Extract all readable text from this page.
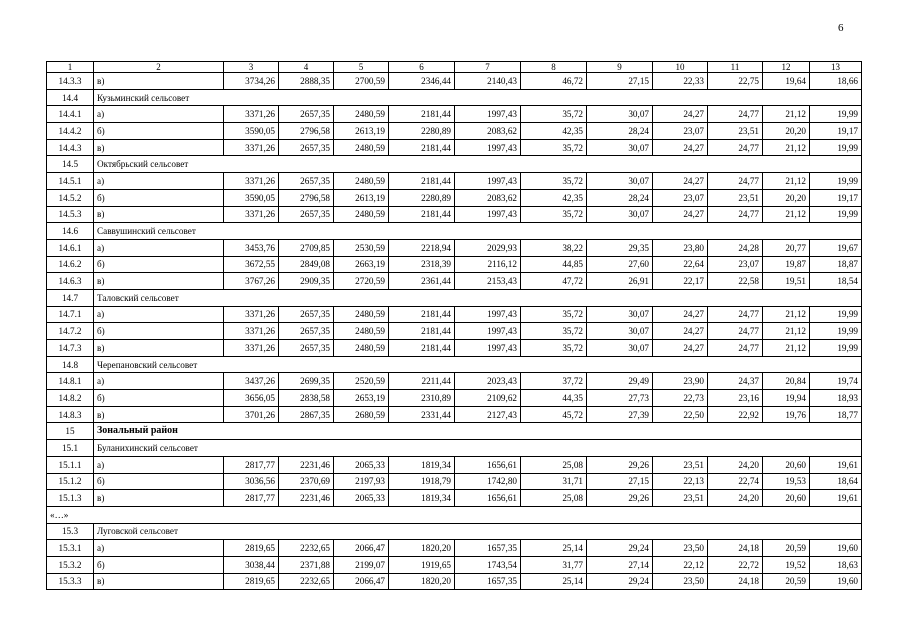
6
1	2	3	4	5	6	7	8	9	10	11	12	13
14.3.3	в)	3734,26	2888,35	2700,59	2346,44	2140,43	46,72	27,15	22,33	22,75	19,64	18,66
14.4	Кузьминский сельсовет											
14.4.1	а)	3371,26	2657,35	2480,59	2181,44	1997,43	35,72	30,07	24,27	24,77	21,12	19,99
14.4.2	б)	3590,05	2796,58	2613,19	2280,89	2083,62	42,35	28,24	23,07	23,51	20,20	19,17
14.4.3	в)	3371,26	2657,35	2480,59	2181,44	1997,43	35,72	30,07	24,27	24,77	21,12	19,99
14.5	Октябрьский сельсовет											
14.5.1	а)	3371,26	2657,35	2480,59	2181,44	1997,43	35,72	30,07	24,27	24,77	21,12	19,99
14.5.2	б)	3590,05	2796,58	2613,19	2280,89	2083,62	42,35	28,24	23,07	23,51	20,20	19,17
14.5.3	в)	3371,26	2657,35	2480,59	2181,44	1997,43	35,72	30,07	24,27	24,77	21,12	19,99
14.6	Саввушинский сельсовет											
14.6.1	а)	3453,76	2709,85	2530,59	2218,94	2029,93	38,22	29,35	23,80	24,28	20,77	19,67
14.6.2	б)	3672,55	2849,08	2663,19	2318,39	2116,12	44,85	27,60	22,64	23,07	19,87	18,87
14.6.3	в)	3767,26	2909,35	2720,59	2361,44	2153,43	47,72	26,91	22,17	22,58	19,51	18,54
14.7	Таловский сельсовет											
14.7.1	а)	3371,26	2657,35	2480,59	2181,44	1997,43	35,72	30,07	24,27	24,77	21,12	19,99
14.7.2	б)	3371,26	2657,35	2480,59	2181,44	1997,43	35,72	30,07	24,27	24,77	21,12	19,99
14.7.3	в)	3371,26	2657,35	2480,59	2181,44	1997,43	35,72	30,07	24,27	24,77	21,12	19,99
14.8	Черепановский сельсовет											
14.8.1	а)	3437,26	2699,35	2520,59	2211,44	2023,43	37,72	29,49	23,90	24,37	20,84	19,74
14.8.2	б)	3656,05	2838,58	2653,19	2310,89	2109,62	44,35	27,73	22,73	23,16	19,94	18,93
14.8.3	в)	3701,26	2867,35	2680,59	2331,44	2127,43	45,72	27,39	22,50	22,92	19,76	18,77
15	Зональный район											
15.1	Буланихинский сельсовет											
15.1.1	а)	2817,77	2231,46	2065,33	1819,34	1656,61	25,08	29,26	23,51	24,20	20,60	19,61
15.1.2	б)	3036,56	2370,69	2197,93	1918,79	1742,80	31,71	27,15	22,13	22,74	19,53	18,64
15.1.3	в)	2817,77	2231,46	2065,33	1819,34	1656,61	25,08	29,26	23,51	24,20	20,60	19,61
«…»												
15.3	Луговской сельсовет											
15.3.1	а)	2819,65	2232,65	2066,47	1820,20	1657,35	25,14	29,24	23,50	24,18	20,59	19,60
15.3.2	б)	3038,44	2371,88	2199,07	1919,65	1743,54	31,77	27,14	22,12	22,72	19,52	18,63
15.3.3	в)	2819,65	2232,65	2066,47	1820,20	1657,35	25,14	29,24	23,50	24,18	20,59	19,60
